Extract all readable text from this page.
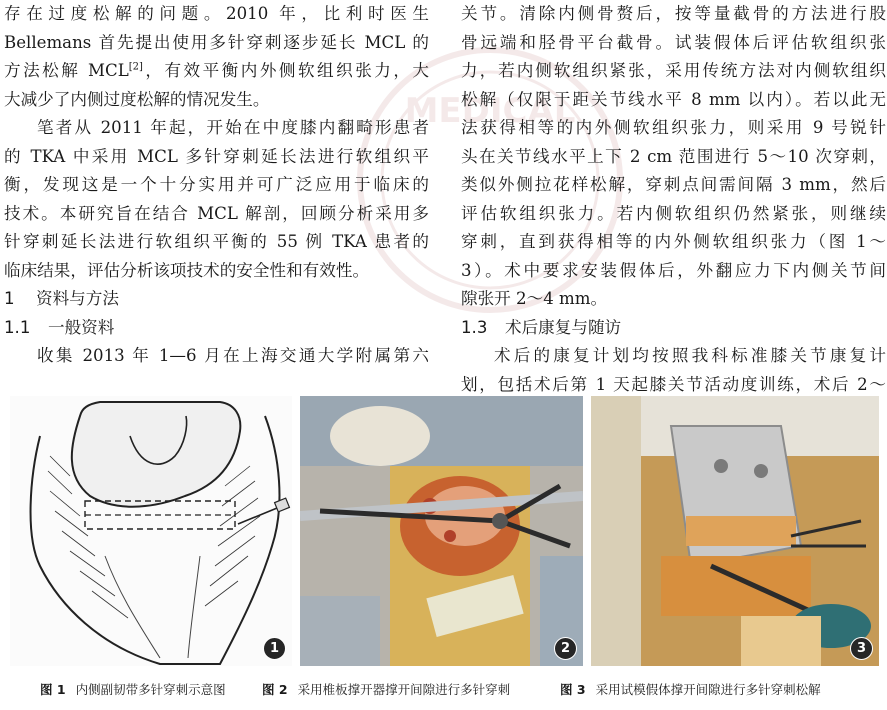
MEDICAL
存在过度松解的问题。2010 年，比利时医生
Bellemans 首先提出使用多针穿刺逐步延长 MCL 的
方法松解 MCL[2]，有效平衡内外侧软组织张力，大
大减少了内侧过度松解的情况发生。
笔者从 2011 年起，开始在中度膝内翻畸形患者
的 TKA 中采用 MCL 多针穿刺延长法进行软组织平
衡，发现这是一个十分实用并可广泛应用于临床的
技术。本研究旨在结合 MCL 解剖，回顾分析采用多
针穿刺延长法进行软组织平衡的 55 例 TKA 患者的
临床结果，评估分析该项技术的安全性和有效性。
1 资料与方法
1.1 一般资料
收集 2013 年 1—6 月在上海交通大学附属第六
关节。清除内侧骨赘后，按等量截骨的方法进行股
骨远端和胫骨平台截骨。试装假体后评估软组织张
力，若内侧软组织紧张，采用传统方法对内侧软组织
松解（仅限于距关节线水平 8 mm 以内）。若以此无
法获得相等的内外侧软组织张力，则采用 9 号锐针
头在关节线水平上下 2 cm 范围进行 5～10 次穿刺，
类似外侧拉花样松解，穿刺点间需间隔 3 mm，然后
评估软组织张力。若内侧软组织仍然紧张，则继续
穿刺，直到获得相等的内外侧软组织张力（图 1～
3）。术中要求安装假体后，外翻应力下内侧关节间
隙张开 2～4 mm。
1.3 术后康复与随访
术后的康复计划均按照我科标准膝关节康复计
划，包括术后第 1 天起膝关节活动度训练，术后 2～
1	2	3
图 1 内侧副韧带多针穿刺示意图	图 2 采用椎板撑开器撑开间隙进行多针穿刺	图 3 采用试模假体撑开间隙进行多针穿刺松解
